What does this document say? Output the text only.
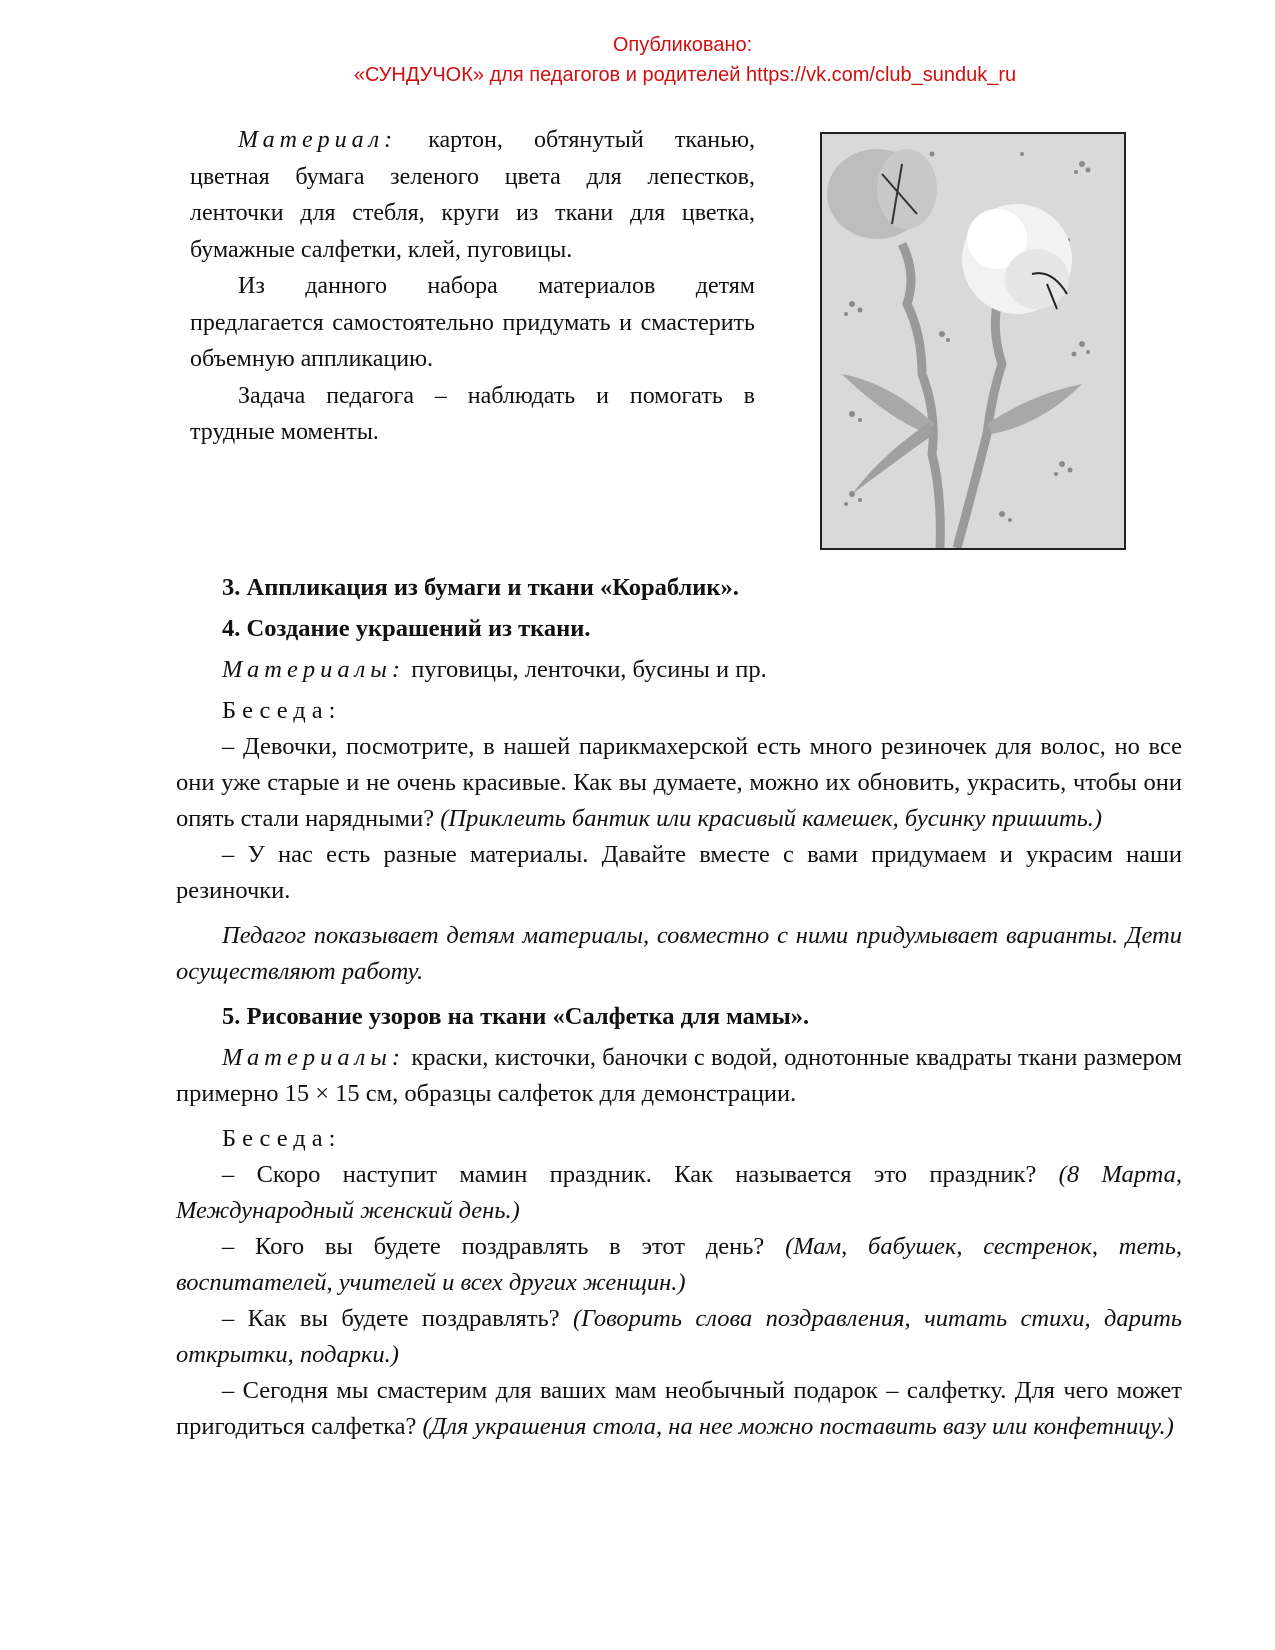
Опубликовано:
«СУНДУЧОК» для педагогов и родителей https://vk.com/club_sunduk_ru

Материал: картон, обтянутый тканью, цветная бумага зеленого цвета для лепестков, ленточки для стебля, круги из ткани для цветка, бумажные салфетки, клей, пуговицы.

Из данного набора материалов детям предлагается самостоятельно придумать и смастерить объемную аппликацию.

Задача педагога – наблюдать и помогать в трудные моменты.

3. Аппликация из бумаги и ткани «Кораблик».

4. Создание украшений из ткани.

Материалы: пуговицы, ленточки, бусины и пр.

Беседа:

– Девочки, посмотрите, в нашей парикмахерской есть много резиночек для волос, но все они уже старые и не очень красивые. Как вы думаете, можно их обновить, украсить, чтобы они опять стали нарядными? (Приклеить бантик или красивый камешек, бусинку пришить.)

– У нас есть разные материалы. Давайте вместе с вами придумаем и украсим наши резиночки.

Педагог показывает детям материалы, совместно с ними придумывает варианты. Дети осуществляют работу.

5. Рисование узоров на ткани «Салфетка для мамы».

Материалы: краски, кисточки, баночки с водой, однотонные квадраты ткани размером примерно 15 × 15 см, образцы салфеток для демонстрации.

Беседа:

– Скоро наступит мамин праздник. Как называется это праздник? (8 Марта, Международный женский день.)

– Кого вы будете поздравлять в этот день? (Мам, бабушек, сестренок, теть, воспитателей, учителей и всех других женщин.)

– Как вы будете поздравлять? (Говорить слова поздравления, читать стихи, дарить открытки, подарки.)

– Сегодня мы смастерим для ваших мам необычный подарок – салфетку. Для чего может пригодиться салфетка? (Для украшения стола, на нее можно поставить вазу или конфетницу.)
